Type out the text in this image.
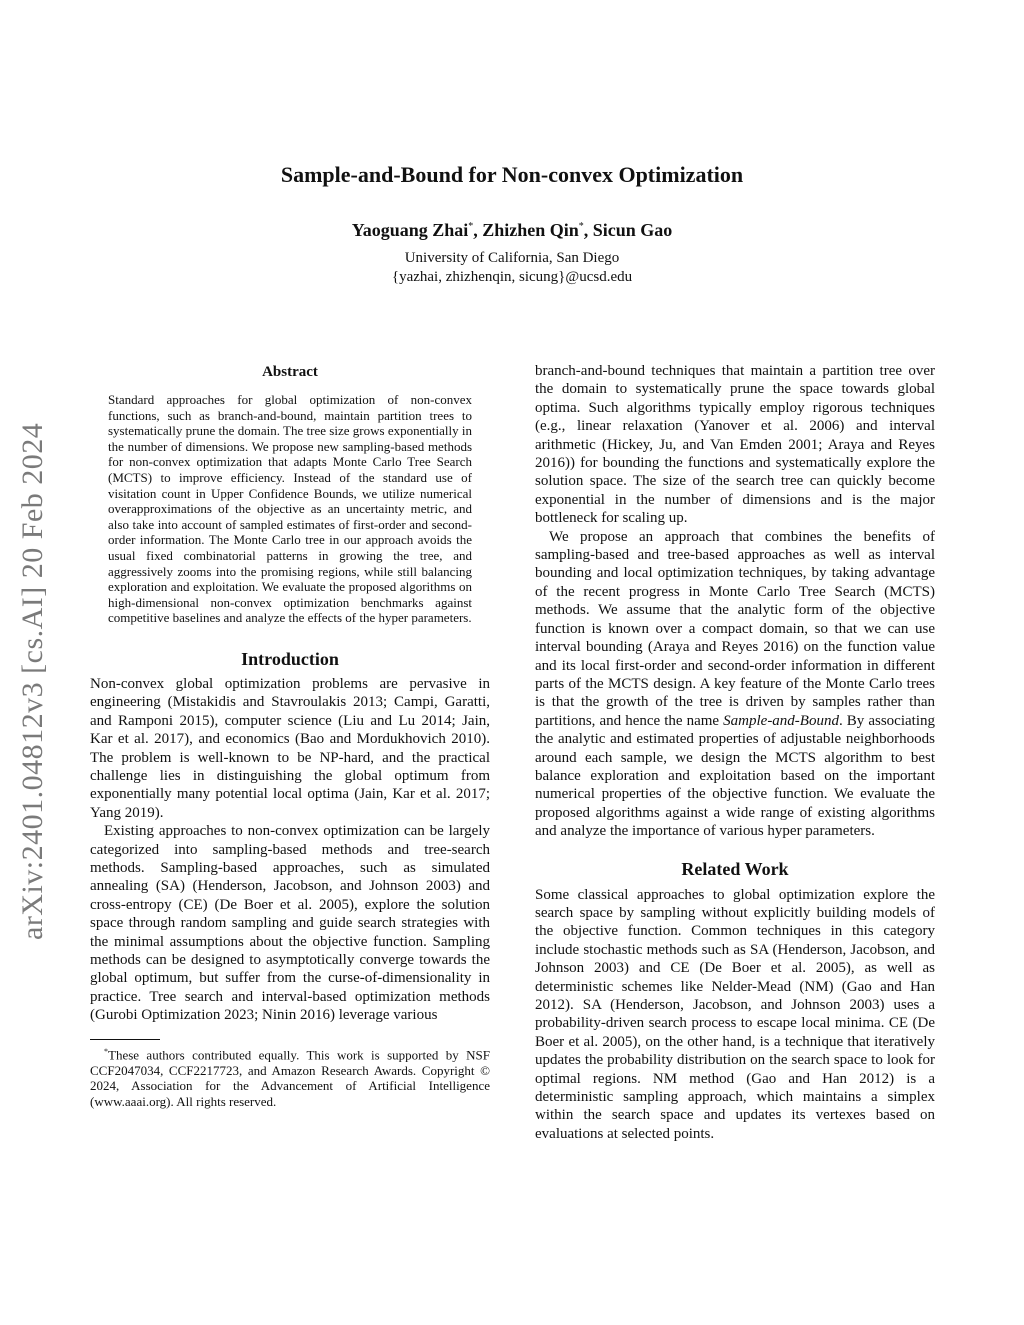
Sample-and-Bound for Non-convex Optimization
Yaoguang Zhai*, Zhizhen Qin*, Sicun Gao
University of California, San Diego
{yazhai, zhizhenqin, sicung}@ucsd.edu
arXiv:2401.04812v3 [cs.AI] 20 Feb 2024
Abstract

Standard approaches for global optimization of non-convex functions, such as branch-and-bound, maintain partition trees to systematically prune the domain. The tree size grows exponentially in the number of dimensions. We propose new sampling-based methods for non-convex optimization that adapts Monte Carlo Tree Search (MCTS) to improve efficiency. Instead of the standard use of visitation count in Upper Confidence Bounds, we utilize numerical overapproximations of the objective as an uncertainty metric, and also take into account of sampled estimates of first-order and second-order information. The Monte Carlo tree in our approach avoids the usual fixed combinatorial patterns in growing the tree, and aggressively zooms into the promising regions, while still balancing exploration and exploitation. We evaluate the proposed algorithms on high-dimensional non-convex optimization benchmarks against competitive baselines and analyze the effects of the hyper parameters.

Introduction

Non-convex global optimization problems are pervasive in engineering (Mistakidis and Stavroulakis 2013; Campi, Garatti, and Ramponi 2015), computer science (Liu and Lu 2014; Jain, Kar et al. 2017), and economics (Bao and Mordukhovich 2010). The problem is well-known to be NP-hard, and the practical challenge lies in distinguishing the global optimum from exponentially many potential local optima (Jain, Kar et al. 2017; Yang 2019).

Existing approaches to non-convex optimization can be largely categorized into sampling-based methods and tree-search methods. Sampling-based approaches, such as simulated annealing (SA) (Henderson, Jacobson, and Johnson 2003) and cross-entropy (CE) (De Boer et al. 2005), explore the solution space through random sampling and guide search strategies with the minimal assumptions about the objective function. Sampling methods can be designed to asymptotically converge towards the global optimum, but suffer from the curse-of-dimensionality in practice. Tree search and interval-based optimization methods (Gurobi Optimization 2023; Ninin 2016) leverage various

*These authors contributed equally. This work is supported by NSF CCF2047034, CCF2217723, and Amazon Research Awards. Copyright © 2024, Association for the Advancement of Artificial Intelligence (www.aaai.org). All rights reserved.

branch-and-bound techniques that maintain a partition tree over the domain to systematically prune the space towards global optima. Such algorithms typically employ rigorous techniques (e.g., linear relaxation (Yanover et al. 2006) and interval arithmetic (Hickey, Ju, and Van Emden 2001; Araya and Reyes 2016)) for bounding the functions and systematically explore the solution space. The size of the search tree can quickly become exponential in the number of dimensions and is the major bottleneck for scaling up.

We propose an approach that combines the benefits of sampling-based and tree-based approaches as well as interval bounding and local optimization techniques, by taking advantage of the recent progress in Monte Carlo Tree Search (MCTS) methods. We assume that the analytic form of the objective function is known over a compact domain, so that we can use interval bounding (Araya and Reyes 2016) on the function value and its local first-order and second-order information in different parts of the MCTS design. A key feature of the Monte Carlo trees is that the growth of the tree is driven by samples rather than partitions, and hence the name Sample-and-Bound. By associating the analytic and estimated properties of adjustable neighborhoods around each sample, we design the MCTS algorithm to best balance exploration and exploitation based on the important numerical properties of the objective function. We evaluate the proposed algorithms against a wide range of existing algorithms and analyze the importance of various hyper parameters.

Related Work

Some classical approaches to global optimization explore the search space by sampling without explicitly building models of the objective function. Common techniques in this category include stochastic methods such as SA (Henderson, Jacobson, and Johnson 2003) and CE (De Boer et al. 2005), as well as deterministic schemes like Nelder-Mead (NM) (Gao and Han 2012). SA (Henderson, Jacobson, and Johnson 2003) uses a probability-driven search process to escape local minima. CE (De Boer et al. 2005), on the other hand, is a technique that iteratively updates the probability distribution on the search space to look for optimal regions. NM method (Gao and Han 2012) is a deterministic sampling approach, which maintains a simplex within the search space and updates its vertexes based on evaluations at selected points.
